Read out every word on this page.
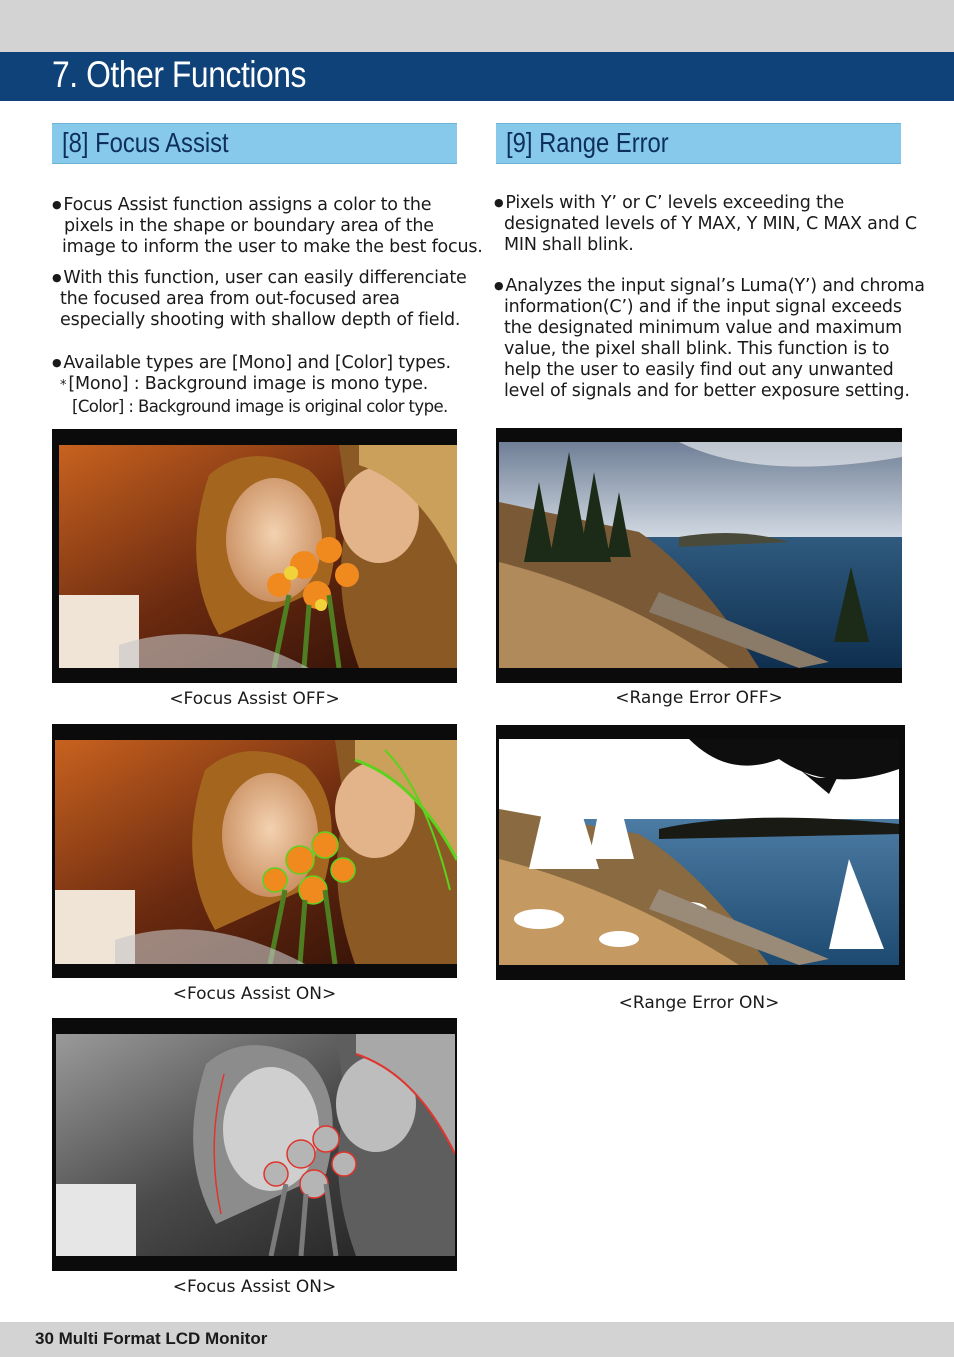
7. Other Functions
[8] Focus Assist
● Focus Assist function assigns a color to the
pixels in the shape or boundary area of the
image to inform the user to make the best focus.
● With this function, user can easily differenciate
the focused area from out-focused area
especially shooting with shallow depth of field.
● Available types are [Mono] and [Color] types.
* [Mono] : Background image is mono type.
[Color] : Background image is original color type.
<Focus Assist OFF>
<Focus Assist ON>
<Focus Assist ON>
[9] Range Error
● Pixels with Y’ or C’ levels exceeding the
designated levels of Y MAX, Y MIN, C MAX and C
MIN shall blink.
● Analyzes the input signal’s Luma(Y’) and chroma
information(C’) and if the input signal exceeds
the designated minimum value and maximum
value, the pixel shall blink. This function is to
help the user to easily find out any unwanted
level of signals and for better exposure setting.
<Range Error OFF>
<Range Error ON>
30 Multi Format LCD Monitor
